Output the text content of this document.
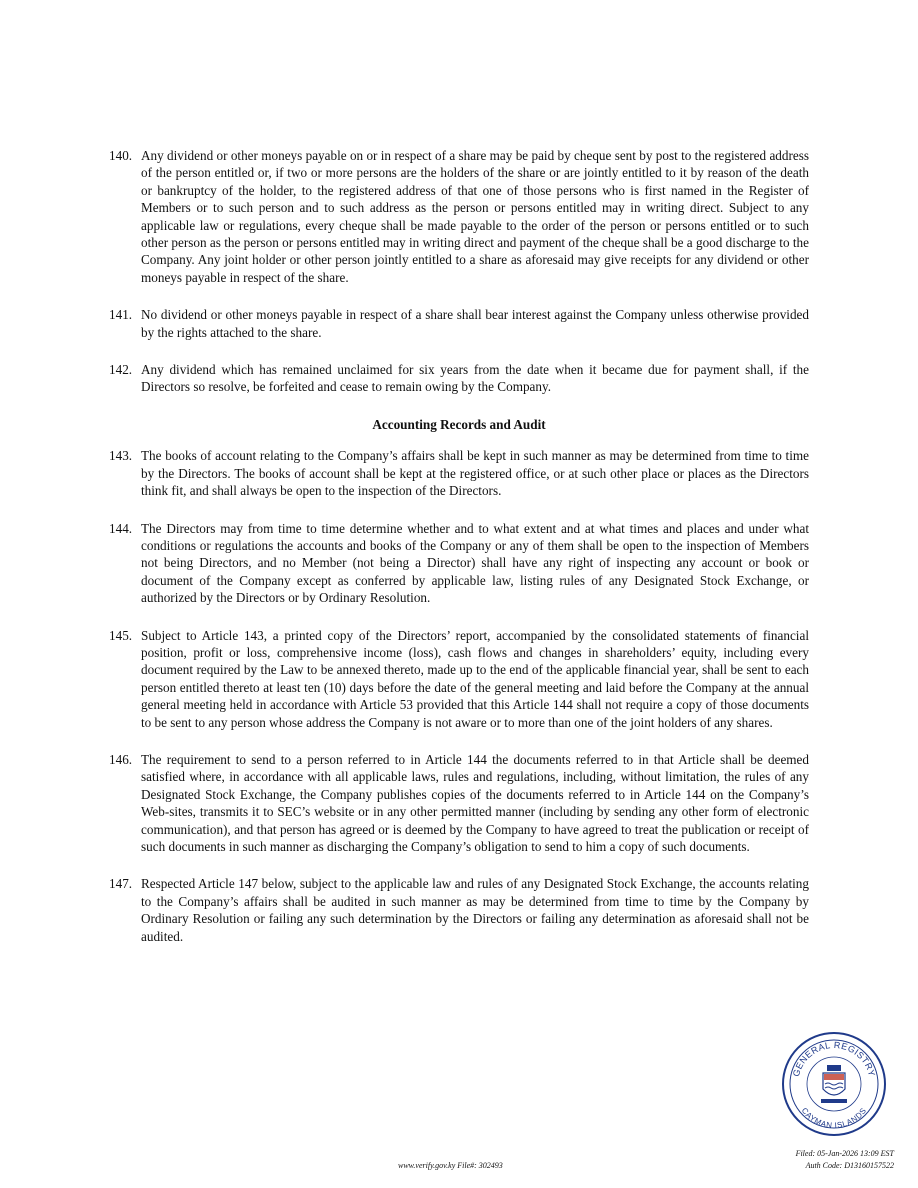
140. Any dividend or other moneys payable on or in respect of a share may be paid by cheque sent by post to the registered address of the person entitled or, if two or more persons are the holders of the share or are jointly entitled to it by reason of the death or bankruptcy of the holder, to the registered address of that one of those persons who is first named in the Register of Members or to such person and to such address as the person or persons entitled may in writing direct. Subject to any applicable law or regulations, every cheque shall be made payable to the order of the person or persons entitled or to such other person as the person or persons entitled may in writing direct and payment of the cheque shall be a good discharge to the Company. Any joint holder or other person jointly entitled to a share as aforesaid may give receipts for any dividend or other moneys payable in respect of the share.
141. No dividend or other moneys payable in respect of a share shall bear interest against the Company unless otherwise provided by the rights attached to the share.
142. Any dividend which has remained unclaimed for six years from the date when it became due for payment shall, if the Directors so resolve, be forfeited and cease to remain owing by the Company.
Accounting Records and Audit
143. The books of account relating to the Company’s affairs shall be kept in such manner as may be determined from time to time by the Directors. The books of account shall be kept at the registered office, or at such other place or places as the Directors think fit, and shall always be open to the inspection of the Directors.
144. The Directors may from time to time determine whether and to what extent and at what times and places and under what conditions or regulations the accounts and books of the Company or any of them shall be open to the inspection of Members not being Directors, and no Member (not being a Director) shall have any right of inspecting any account or book or document of the Company except as conferred by applicable law, listing rules of any Designated Stock Exchange, or authorized by the Directors or by Ordinary Resolution.
145. Subject to Article 143, a printed copy of the Directors’ report, accompanied by the consolidated statements of financial position, profit or loss, comprehensive income (loss), cash flows and changes in shareholders’ equity, including every document required by the Law to be annexed thereto, made up to the end of the applicable financial year, shall be sent to each person entitled thereto at least ten (10) days before the date of the general meeting and laid before the Company at the annual general meeting held in accordance with Article 53 provided that this Article 144 shall not require a copy of those documents to be sent to any person whose address the Company is not aware or to more than one of the joint holders of any shares.
146. The requirement to send to a person referred to in Article 144 the documents referred to in that Article shall be deemed satisfied where, in accordance with all applicable laws, rules and regulations, including, without limitation, the rules of any Designated Stock Exchange, the Company publishes copies of the documents referred to in Article 144 on the Company’s Web-sites, transmits it to SEC’s website or in any other permitted manner (including by sending any other form of electronic communication), and that person has agreed or is deemed by the Company to have agreed to treat the publication or receipt of such documents in such manner as discharging the Company’s obligation to send to him a copy of such documents.
147. Respected Article 147 below, subject to the applicable law and rules of any Designated Stock Exchange, the accounts relating to the Company’s affairs shall be audited in such manner as may be determined from time to time by the Company by Ordinary Resolution or failing any such determination by the Directors or failing any determination as aforesaid shall not be audited.
GENERAL REGISTRY
CAYMAN ISLANDS
www.verify.gov.ky File#: 302493
Filed: 05-Jan-2026 13:09 EST
Auth Code: D13160157522
